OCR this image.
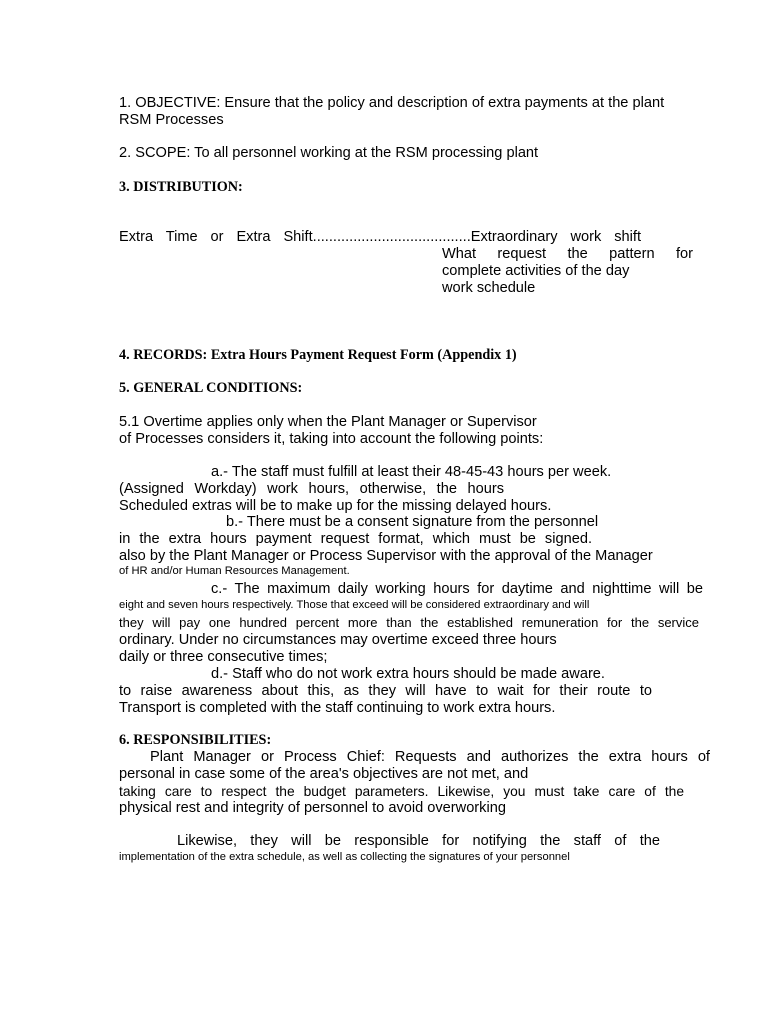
1. OBJECTIVE: Ensure that the policy and description of extra payments at the plant
RSM Processes
2. SCOPE: To all personnel working at the RSM processing plant
3. DISTRIBUTION:
Extra Time or Extra Shift.......................................Extraordinary work shift
What request the pattern for
complete activities of the day
work schedule
4. RECORDS: Extra Hours Payment Request Form (Appendix 1)
5. GENERAL CONDITIONS:
5.1 Overtime applies only when the Plant Manager or Supervisor
of Processes considers it, taking into account the following points:
a.- The staff must fulfill at least their 48-45-43 hours per week.
(Assigned Workday) work hours, otherwise, the hours
Scheduled extras will be to make up for the missing delayed hours.
b.- There must be a consent signature from the personnel
in the extra hours payment request format, which must be signed.
also by the Plant Manager or Process Supervisor with the approval of the Manager
of HR and/or Human Resources Management.
c.- The maximum daily working hours for daytime and nighttime will be
eight and seven hours respectively. Those that exceed will be considered extraordinary and will
they will pay one hundred percent more than the established remuneration for the service
ordinary. Under no circumstances may overtime exceed three hours
daily or three consecutive times;
d.- Staff who do not work extra hours should be made aware.
to raise awareness about this, as they will have to wait for their route to
Transport is completed with the staff continuing to work extra hours.
6. RESPONSIBILITIES:
Plant Manager or Process Chief: Requests and authorizes the extra hours of
personal in case some of the area's objectives are not met, and
taking care to respect the budget parameters. Likewise, you must take care of the
physical rest and integrity of personnel to avoid overworking
Likewise, they will be responsible for notifying the staff of the
implementation of the extra schedule, as well as collecting the signatures of your personnel
